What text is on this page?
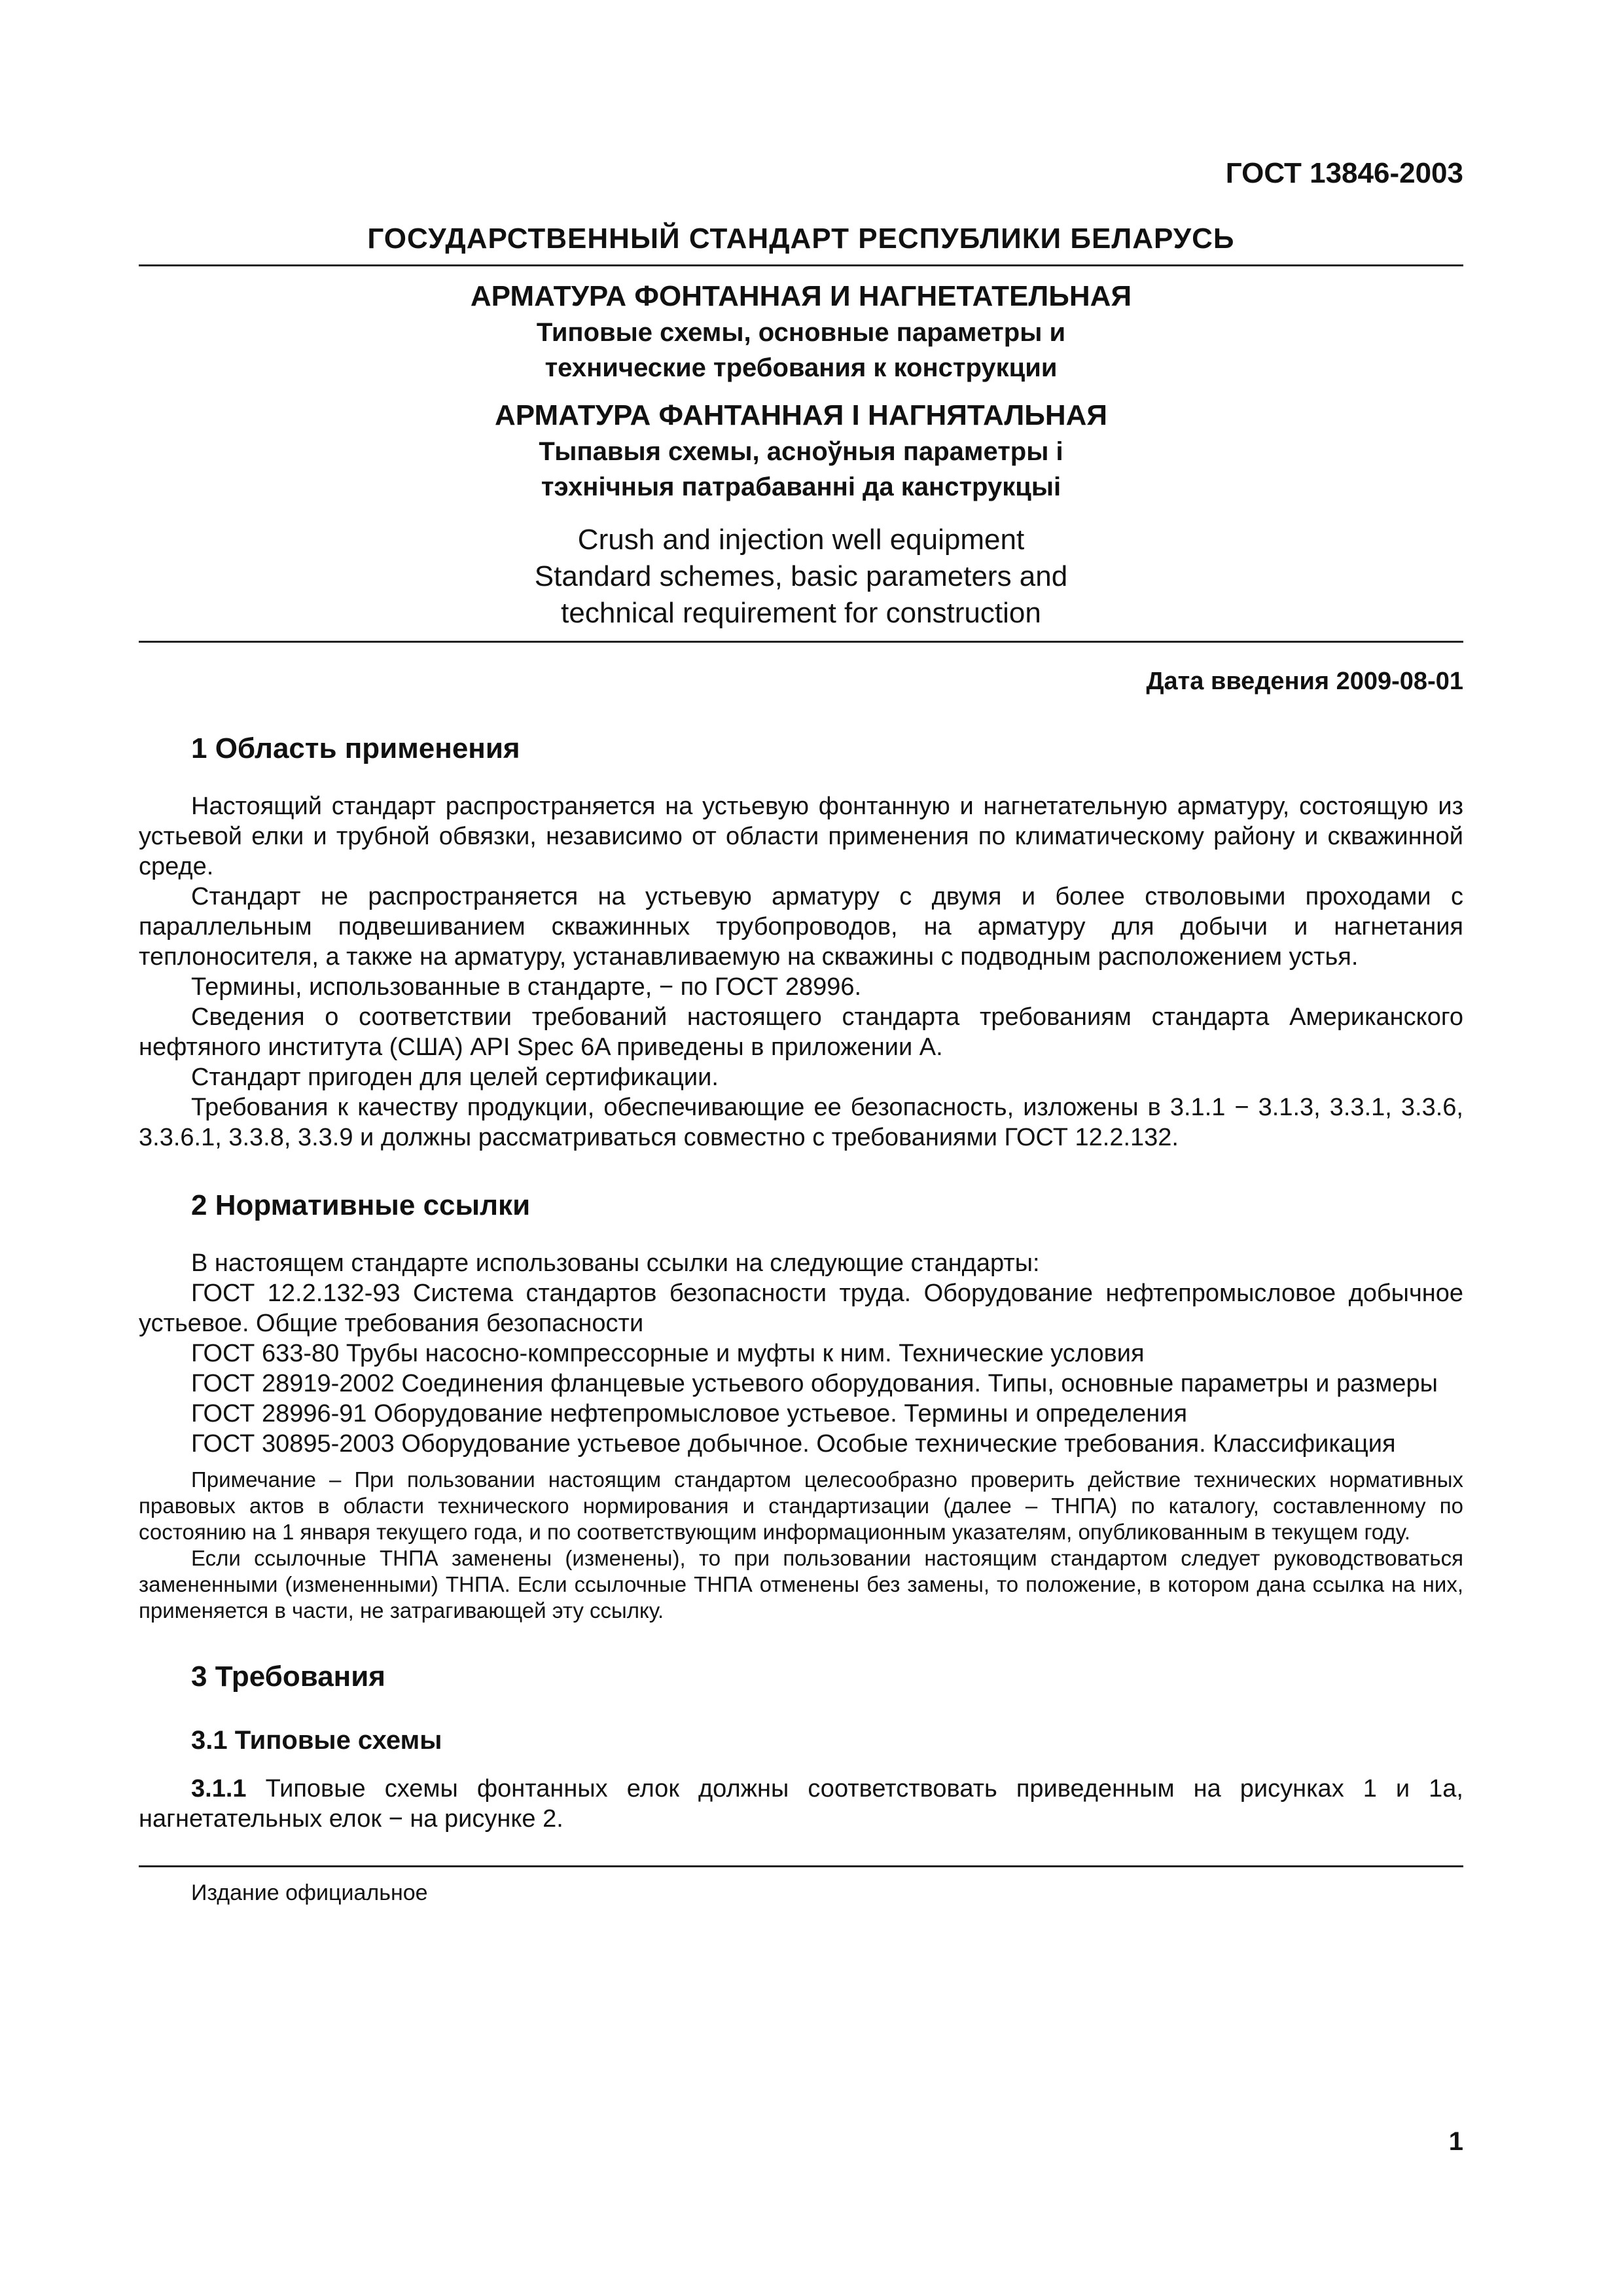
ГОСТ 13846-2003
ГОСУДАРСТВЕННЫЙ СТАНДАРТ РЕСПУБЛИКИ БЕЛАРУСЬ
АРМАТУРА ФОНТАННАЯ И НАГНЕТАТЕЛЬНАЯ
Типовые схемы, основные параметры и
технические требования к конструкции
АРМАТУРА ФАНТАННАЯ І НАГНЯТАЛЬНАЯ
Тыпавыя схемы, асноўныя параметры і
тэхнічныя патрабаванні да канструкцыі
Crush and injection well equipment
Standard schemes, basic parameters and
technical requirement for construction
Дата введения 2009-08-01
1 Область применения

Настоящий стандарт распространяется на устьевую фонтанную и нагнетательную арматуру, состоящую из устьевой елки и трубной обвязки, независимо от области применения по климатическому району и скважинной среде.

Стандарт не распространяется на устьевую арматуру с двумя и более стволовыми проходами с параллельным подвешиванием скважинных трубопроводов, на арматуру для добычи и нагнетания теплоносителя, а также на арматуру, устанавливаемую на скважины с подводным расположением устья.

Термины, использованные в стандарте, − по ГОСТ 28996.

Сведения о соответствии требований настоящего стандарта требованиям стандарта Американского нефтяного института (США) API Spec 6A приведены в приложении А.

Стандарт пригоден для целей сертификации.

Требования к качеству продукции, обеспечивающие ее безопасность, изложены в 3.1.1 − 3.1.3, 3.3.1, 3.3.6, 3.3.6.1, 3.3.8, 3.3.9 и должны рассматриваться совместно с требованиями ГОСТ 12.2.132.

2 Нормативные ссылки

В настоящем стандарте использованы ссылки на следующие стандарты:

ГОСТ 12.2.132-93 Система стандартов безопасности труда. Оборудование нефтепромысловое добычное устьевое. Общие требования безопасности

ГОСТ 633-80 Трубы насосно-компрессорные и муфты к ним. Технические условия

ГОСТ 28919-2002 Соединения фланцевые устьевого оборудования. Типы, основные параметры и размеры

ГОСТ 28996-91 Оборудование нефтепромысловое устьевое. Термины и определения

ГОСТ 30895-2003 Оборудование устьевое добычное. Особые технические требования. Классификация

Примечание – При пользовании настоящим стандартом целесообразно проверить действие технических нормативных правовых актов в области технического нормирования и стандартизации (далее – ТНПА) по каталогу, составленному по состоянию на 1 января текущего года, и по соответствующим информационным указателям, опубликованным в текущем году.

Если ссылочные ТНПА заменены (изменены), то при пользовании настоящим стандартом следует руководствоваться замененными (измененными) ТНПА. Если ссылочные ТНПА отменены без замены, то положение, в котором дана ссылка на них, применяется в части, не затрагивающей эту ссылку.

3 Требования
3.1 Типовые схемы

3.1.1 Типовые схемы фонтанных елок должны соответствовать приведенным на рисунках 1 и 1а, нагнетательных елок − на рисунке 2.

Издание официальное
1
